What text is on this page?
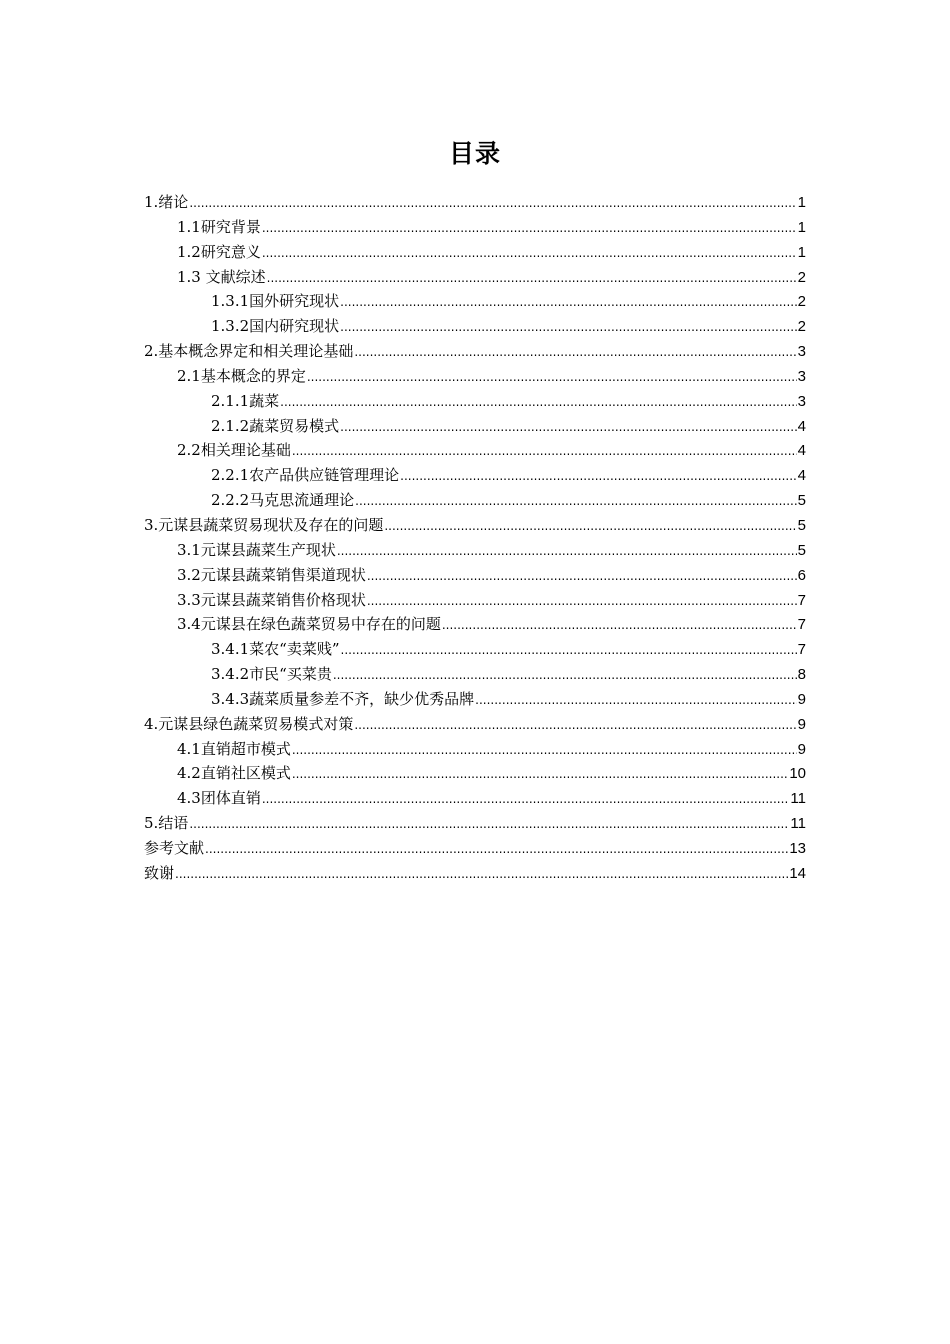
目录
1.绪论 .....	1
1.1研究背景 .....	1
1.2研究意义 .....	1
1.3 文献综述 .....	2
1.3.1国外研究现状 .....	2
1.3.2国内研究现状 .....	2
2.基本概念界定和相关理论基础 .....	3
2.1基本概念的界定 .....	3
2.1.1蔬菜 .....	3
2.1.2蔬菜贸易模式 .....	4
2.2相关理论基础 .....	4
2.2.1农产品供应链管理理论 .....	4
2.2.2马克思流通理论 .....	5
3.元谋县蔬菜贸易现状及存在的问题 .....	5
3.1元谋县蔬菜生产现状 .....	5
3.2元谋县蔬菜销售渠道现状 .....	6
3.3元谋县蔬菜销售价格现状 .....	7
3.4元谋县在绿色蔬菜贸易中存在的问题 .....	7
3.4.1菜农“卖菜贱” .....	7
3.4.2市民“买菜贵 .....	8
3.4.3蔬菜质量参差不齐，缺少优秀品牌 .....	9
4.元谋县绿色蔬菜贸易模式对策 .....	9
4.1直销超市模式 .....	9
4.2直销社区模式 .....	10
4.3团体直销 .....	11
5.结语 .....	11
参考文献 .....	13
致谢 .....	14
